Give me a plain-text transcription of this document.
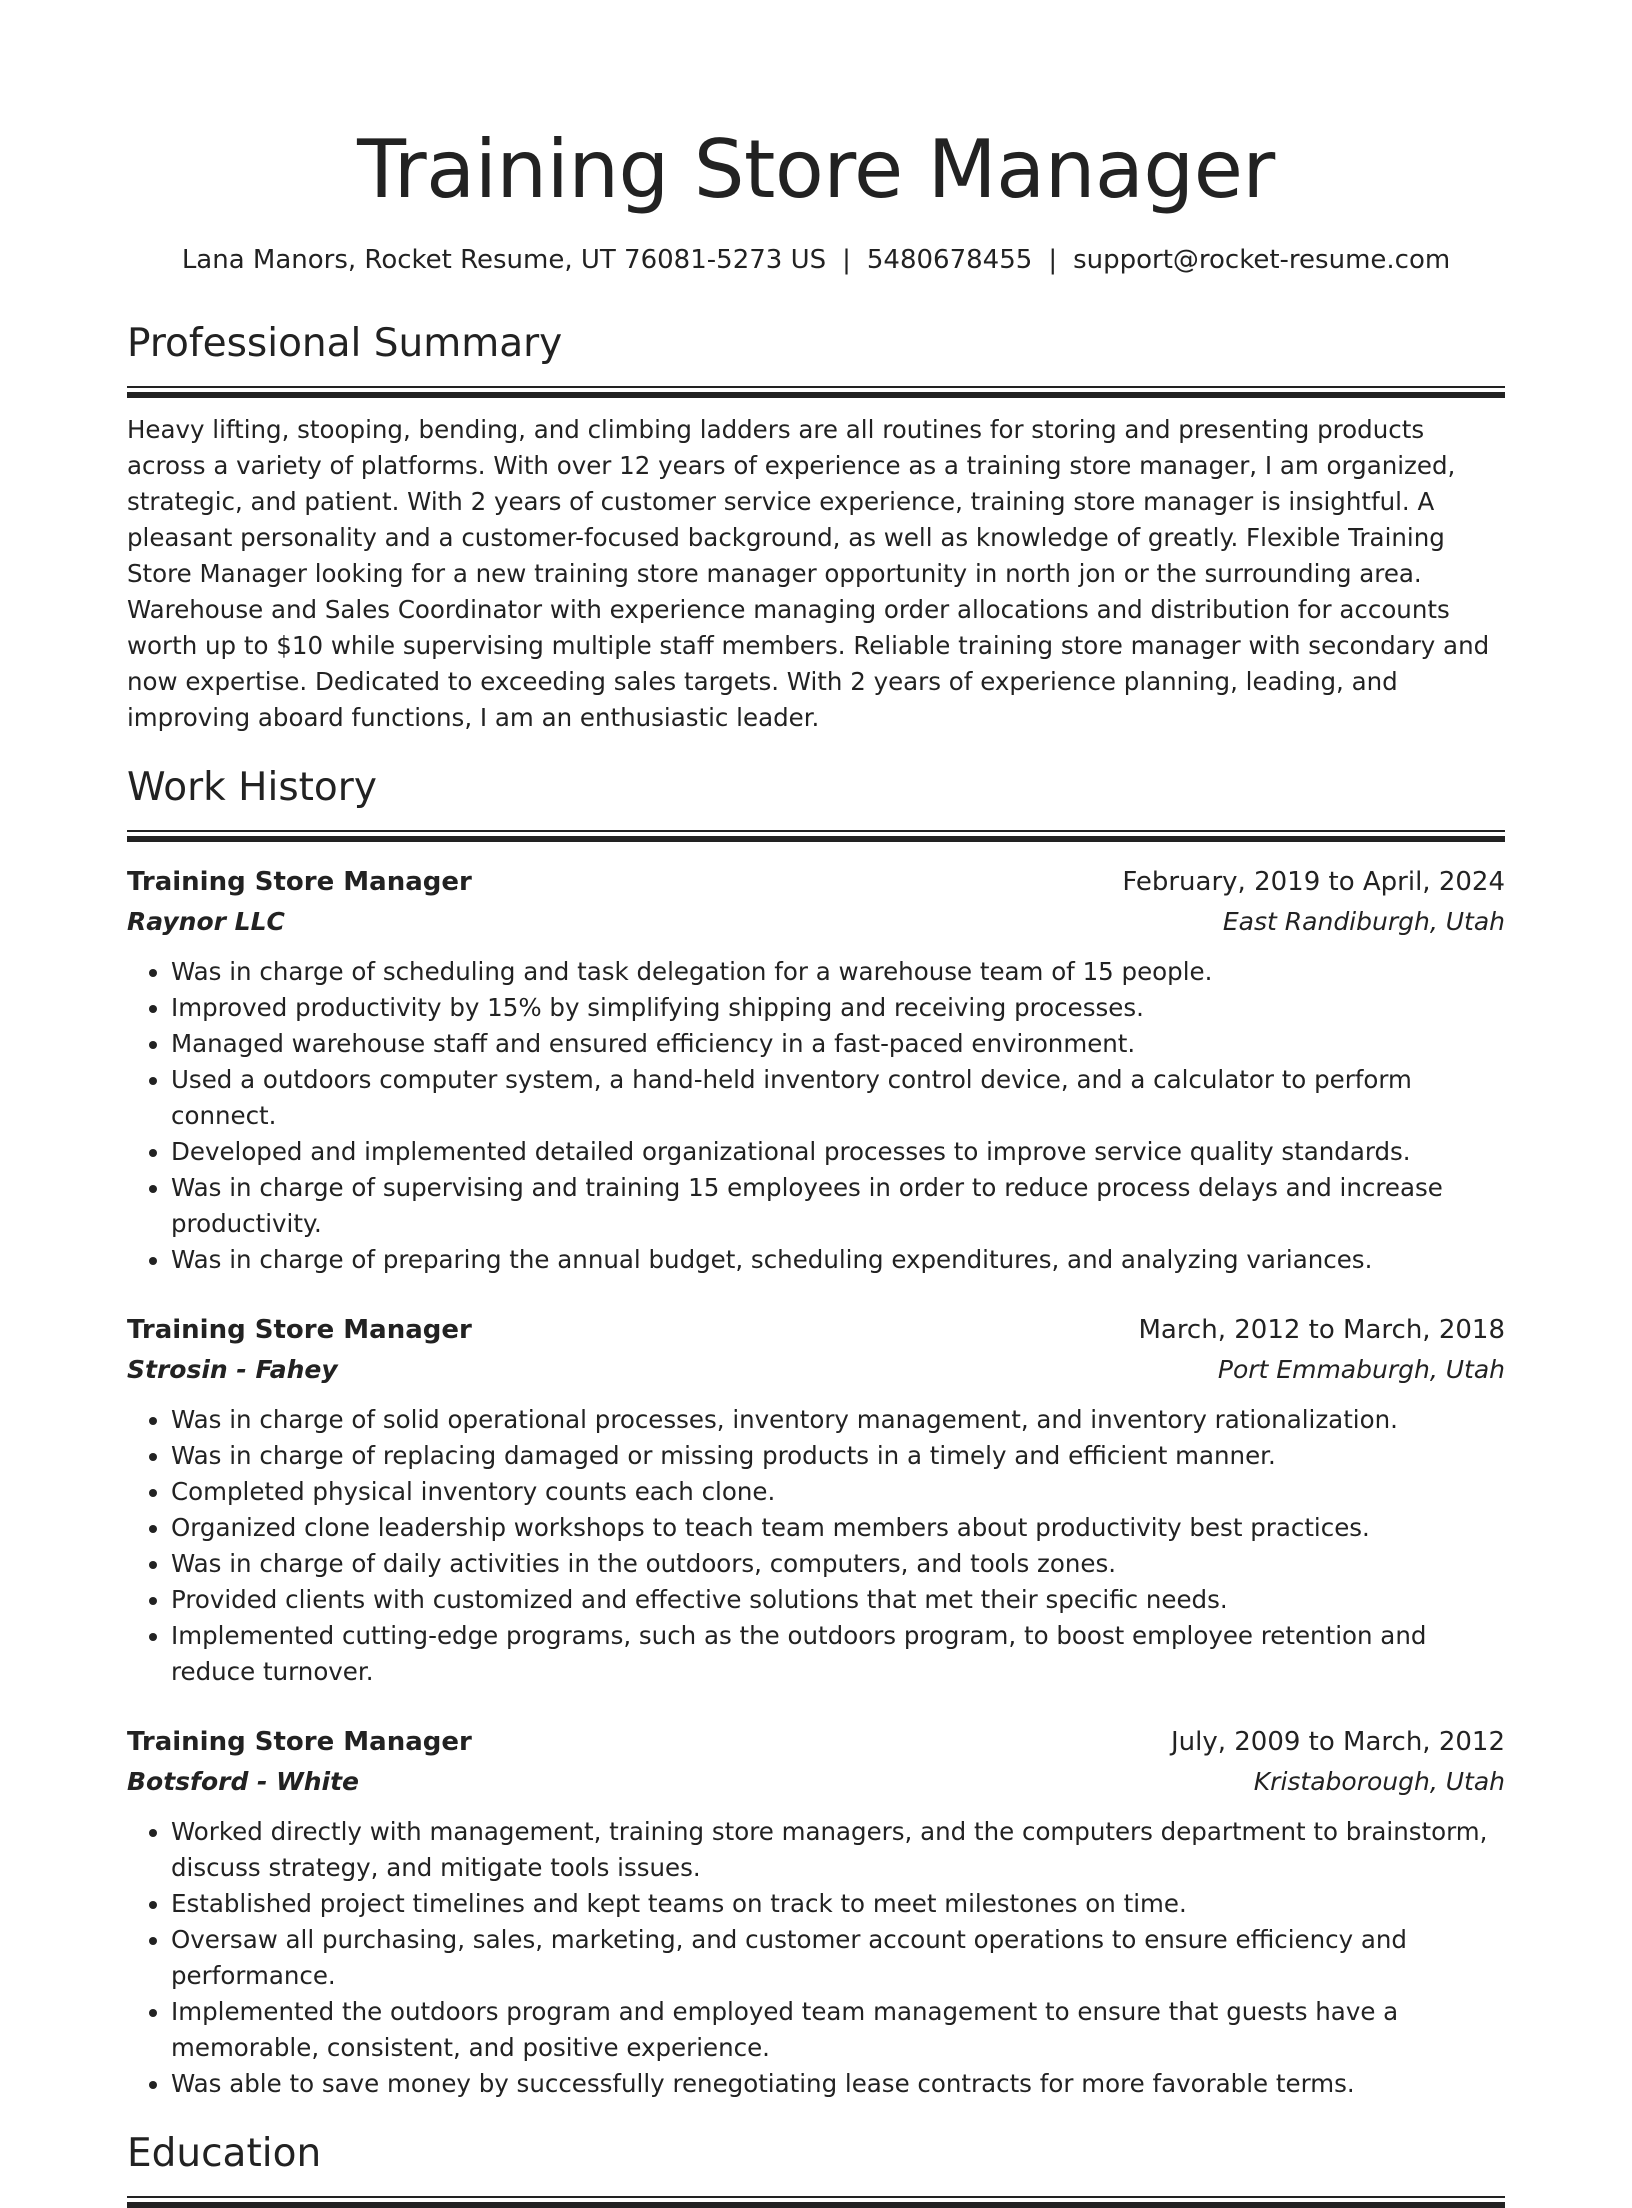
Training Store Manager
Lana Manors, Rocket Resume, UT 76081-5273 US | 5480678455 | support@rocket-resume.com
Professional Summary

Heavy lifting, stooping, bending, and climbing ladders are all routines for storing and presenting products across a variety of platforms. With over 12 years of experience as a training store manager, I am organized, strategic, and patient. With 2 years of customer service experience, training store manager is insightful. A pleasant personality and a customer-focused background, as well as knowledge of greatly. Flexible Training Store Manager looking for a new training store manager opportunity in north jon or the surrounding area. Warehouse and Sales Coordinator with experience managing order allocations and distribution for accounts worth up to $10 while supervising multiple staff members. Reliable training store manager with secondary and now expertise. Dedicated to exceeding sales targets. With 2 years of experience planning, leading, and improving aboard functions, I am an enthusiastic leader.

Work History
Training Store Manager	February, 2019 to April, 2024
Raynor LLC	East Randiburgh, Utah
• Was in charge of scheduling and task delegation for a warehouse team of 15 people.
• Improved productivity by 15% by simplifying shipping and receiving processes.
• Managed warehouse staff and ensured efficiency in a fast-paced environment.
• Used a outdoors computer system, a hand-held inventory control device, and a calculator to perform connect.
• Developed and implemented detailed organizational processes to improve service quality standards.
• Was in charge of supervising and training 15 employees in order to reduce process delays and increase productivity.
• Was in charge of preparing the annual budget, scheduling expenditures, and analyzing variances.
Training Store Manager	March, 2012 to March, 2018
Strosin - Fahey	Port Emmaburgh, Utah
• Was in charge of solid operational processes, inventory management, and inventory rationalization.
• Was in charge of replacing damaged or missing products in a timely and efficient manner.
• Completed physical inventory counts each clone.
• Organized clone leadership workshops to teach team members about productivity best practices.
• Was in charge of daily activities in the outdoors, computers, and tools zones.
• Provided clients with customized and effective solutions that met their specific needs.
• Implemented cutting-edge programs, such as the outdoors program, to boost employee retention and reduce turnover.
Training Store Manager	July, 2009 to March, 2012
Botsford - White	Kristaborough, Utah
• Worked directly with management, training store managers, and the computers department to brainstorm, discuss strategy, and mitigate tools issues.
• Established project timelines and kept teams on track to meet milestones on time.
• Oversaw all purchasing, sales, marketing, and customer account operations to ensure efficiency and performance.
• Implemented the outdoors program and employed team management to ensure that guests have a memorable, consistent, and positive experience.
• Was able to save money by successfully renegotiating lease contracts for more favorable terms.
Education
